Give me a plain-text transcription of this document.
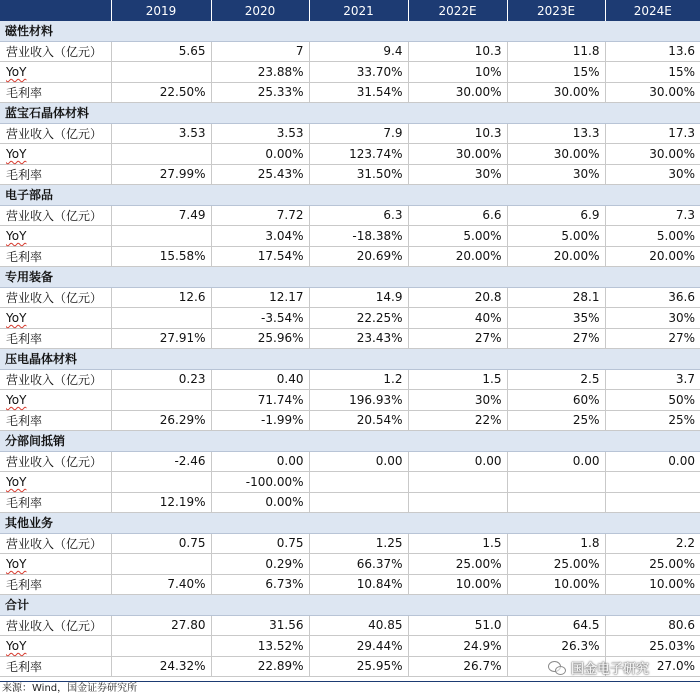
	2019	2020	2021	2022E	2023E	2024E
磁性材料						
营业收入（亿元）	5.65	7	9.4	10.3	11.8	13.6
YoY		23.88%	33.70%	10%	15%	15%
毛利率	22.50%	25.33%	31.54%	30.00%	30.00%	30.00%
蓝宝石晶体材料						
营业收入（亿元）	3.53	3.53	7.9	10.3	13.3	17.3
YoY		0.00%	123.74%	30.00%	30.00%	30.00%
毛利率	27.99%	25.43%	31.50%	30%	30%	30%
电子部品						
营业收入（亿元）	7.49	7.72	6.3	6.6	6.9	7.3
YoY		3.04%	-18.38%	5.00%	5.00%	5.00%
毛利率	15.58%	17.54%	20.69%	20.00%	20.00%	20.00%
专用装备						
营业收入（亿元）	12.6	12.17	14.9	20.8	28.1	36.6
YoY		-3.54%	22.25%	40%	35%	30%
毛利率	27.91%	25.96%	23.43%	27%	27%	27%
压电晶体材料						
营业收入（亿元）	0.23	0.40	1.2	1.5	2.5	3.7
YoY		71.74%	196.93%	30%	60%	50%
毛利率	26.29%	-1.99%	20.54%	22%	25%	25%
分部间抵销						
营业收入（亿元）	-2.46	0.00	0.00	0.00	0.00	0.00
YoY		-100.00%				
毛利率	12.19%	0.00%				
其他业务						
营业收入（亿元）	0.75	0.75	1.25	1.5	1.8	2.2
YoY		0.29%	66.37%	25.00%	25.00%	25.00%
毛利率	7.40%	6.73%	10.84%	10.00%	10.00%	10.00%
合计						
营业收入（亿元）	27.80	31.56	40.85	51.0	64.5	80.6
YoY		13.52%	29.44%	24.9%	26.3%	25.03%
毛利率	24.32%	22.89%	25.95%	26.7%		27.0%
国金电子研究
来源：Wind，国金证券研究所
